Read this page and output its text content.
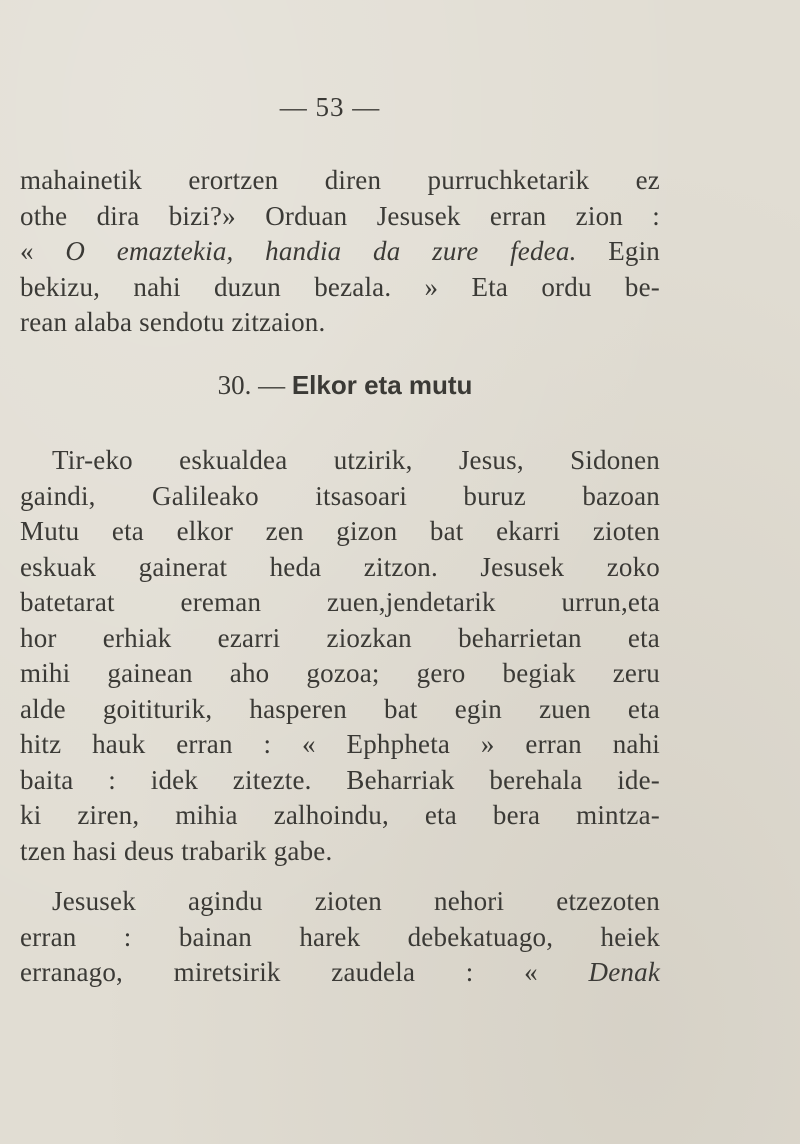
— 53 —
mahainetik erortzen diren purruchketarik ez
othe dira bizi?» Orduan Jesusek erran zion :
« O emaztekia, handia da zure fedea. Egin
bekizu, nahi duzun bezala. » Eta ordu be-
rean alaba sendotu zitzaion.
30. — Elkor eta mutu
Tir-eko eskualdea utzirik, Jesus, Sidonen
gaindi, Galileako itsasoari buruz bazoan
Mutu eta elkor zen gizon bat ekarri zioten
eskuak gainerat heda zitzon. Jesusek zoko
batetarat ereman zuen,jendetarik urrun,eta
hor erhiak ezarri ziozkan beharrietan eta
mihi gainean aho gozoa; gero begiak zeru
alde goititurik, hasperen bat egin zuen eta
hitz hauk erran : « Ephpheta » erran nahi
baita : idek zitezte. Beharriak berehala ide-
ki ziren, mihia zalhoindu, eta bera mintza-
tzen hasi deus trabarik gabe.
Jesusek agindu zioten nehori etzezoten
erran : bainan harek debekatuago, heiek
erranago, miretsirik zaudela : « Denak
